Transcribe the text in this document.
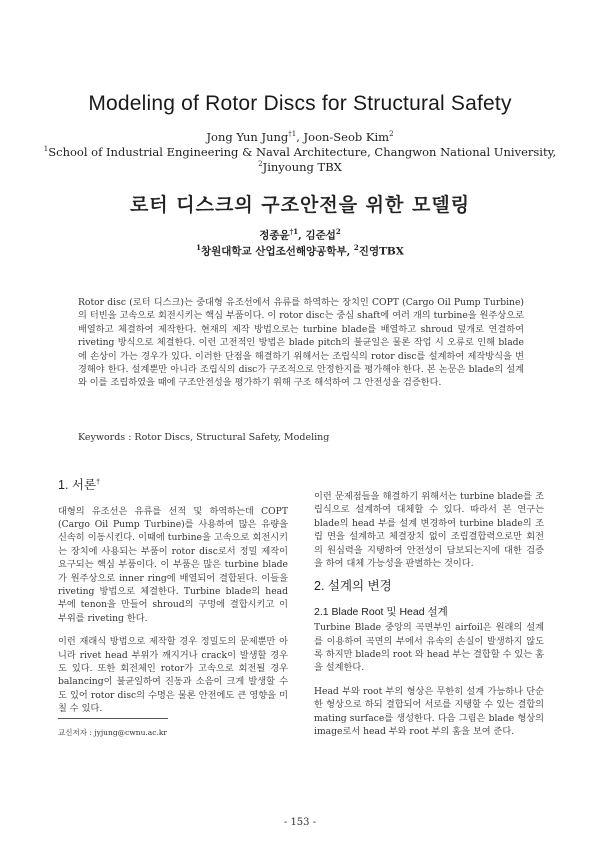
Modeling of Rotor Discs for Structural Safety
Jong Yun Jung$^{\dagger 1}$, Joon-Seob Kim$^2$
$^1$School of Industrial Engineering & Naval Architecture, Changwon National University,
$^2$Jinyoung TBX
로터 디스크의 구조안전을 위한 모델링
정종윤$^{\dagger 1}$, 김준섭$^2$
$^1$창원대학교 산업조선해양공학부, $^2$진영TBX
Rotor disc (로터 디스크)는 중대형 유조선에서 유류를 하역하는 장치인 COPT (Cargo Oil Pump Turbine)의 터빈을 고속으로 회전시키는 핵심 부품이다. 이 rotor disc는 중심 shaft에 여러 개의 turbine을 원주상으로 배열하고 체결하여 제작한다. 현재의 제작 방법으로는 turbine blade를 배열하고 shroud 덮개로 연결하여 riveting 방식으로 체결한다. 이런 고전적인 방법은 blade pitch의 불균일은 물론 작업 시 오류로 인해 blade에 손상이 가는 경우가 있다. 이러한 단점을 해결하기 위해서는 조립식의 rotor disc를 설계하여 제작방식을 변경해야 한다. 설계뿐만 아니라 조립식의 disc가 구조적으로 안정한지를 평가해야 한다. 본 논문은 blade의 설계와 이를 조립하였을 때에 구조안전성을 평가하기 위해 구조 해석하여 그 안전성을 검증한다.
Keywords : Rotor Discs, Structural Safety, Modeling
1. 서론†

대형의 유조선은 유류를 선적 및 하역하는데 COPT (Cargo Oil Pump Turbine)를 사용하여 많은 유량을 신속히 이동시킨다. 이때에 turbine을 고속으로 회전시키는 장치에 사용되는 부품이 rotor disc로서 정밀 제작이 요구되는 핵심 부품이다. 이 부품은 많은 turbine blade가 원주상으로 inner ring에 배열되어 결합된다. 이들을 riveting 방법으로 체결한다. Turbine blade의 head 부에 tenon을 만들어 shroud의 구멍에 결합시키고 이 부위를 riveting 한다.

이런 재래식 방법으로 제작할 경우 정밀도의 문제뿐만 아니라 rivet head 부위가 깨지거나 crack이 발생할 경우도 있다. 또한 회전체인 rotor가 고속으로 회전될 경우 balancing이 불균일하여 진동과 소음이 크게 발생할 수도 있어 rotor disc의 수명은 물론 안전에도 큰 영향을 미칠 수 있다.

이런 문제점들을 해결하기 위해서는 turbine blade를 조립식으로 설계하여 대체할 수 있다. 따라서 본 연구는 blade의 head 부를 설계 변경하여 turbine blade의 조립 면을 설계하고 체결장치 없이 조립결합력으로만 회전의 원심력을 지탱하여 안전성이 담보되는지에 대한 검증을 하여 대체 가능성을 판별하는 것이다.

2. 설계의 변경
2.1 Blade Root 및 Head 설계

Turbine Blade 중앙의 곡면부인 airfoil은 원래의 설계를 이용하여 곡면의 부에서 유속의 손실이 발생하지 않도록 하지만 blade의 root 와 head 부는 결합할 수 있는 홈을 설계한다.

Head 부와 root 부의 형상은 무한히 설계 가능하나 단순한 형상으로 하되 결합되어 서로를 지탱할 수 있는 결합의 mating surface를 생성한다. 다음 그림은 blade 형상의 image로서 head 부와 root 부의 홈을 보여 준다.

교신저자 : jyjung@cwnu.ac.kr
- 153 -
